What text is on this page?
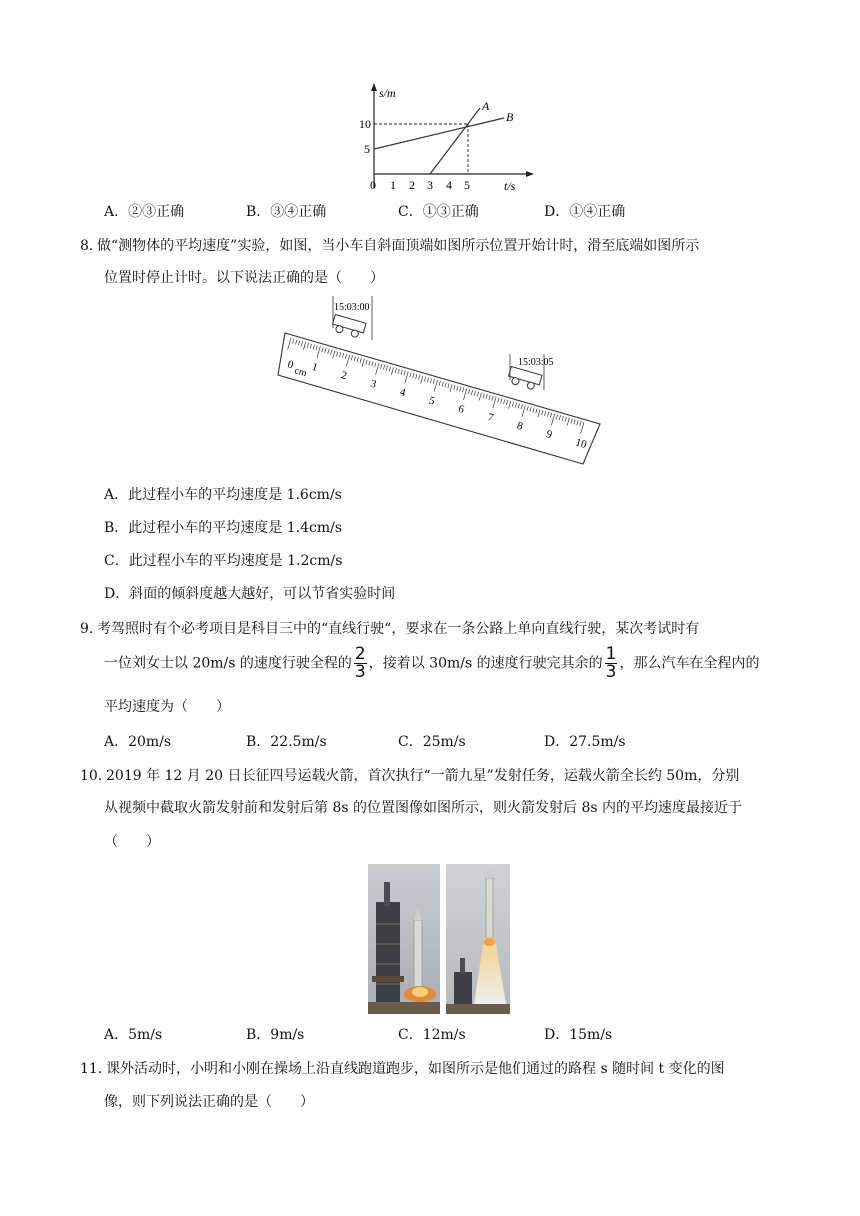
s/m
t/s
10
5
0 1 2 3 4 5
A
B
A．②③正确	B．③④正确	C．①③正确	D．①④正确
8．
做“测物体的平均速度”实验，如图，当小车自斜面顶端如图所示位置开始计时，滑至底端如图所示
位置时停止计时。以下说法正确的是（　　）
1
2
3
4
5
6
7
8
9
10
0
cm
15:03:00
15:03:05
A．此过程小车的平均速度是 1.6cm/s
B．此过程小车的平均速度是 1.4cm/s
C．此过程小车的平均速度是 1.2cm/s
D．斜面的倾斜度越大越好，可以节省实验时间
9．
考驾照时有个必考项目是科目三中的“直线行驶“，要求在一条公路上单向直线行驶，某次考试时有
一位刘女士以 20m/s 的速度行驶全程的 $\frac{2}{3}$ ，接着以 30m/s 的速度行驶完其余的 $\frac{1}{3}$ ，那么汽车在全程内的
平均速度为（　　）
A．20m/s	B．22.5m/s	C．25m/s	D．27.5m/s
10．
2019 年 12 月 20 日长征四号运载火箭，首次执行“一箭九星”发射任务，运载火箭全长约 50m，分别
从视频中截取火箭发射前和发射后第 8s 的位置图像如图所示，则火箭发射后 8s 内的平均速度最接近于
（　　）
A．5m/s	B．9m/s	C．12m/s	D．15m/s
11．
课外活动时，小明和小刚在操场上沿直线跑道跑步，如图所示是他们通过的路程 s 随时间 t 变化的图
像，则下列说法正确的是（　　）
